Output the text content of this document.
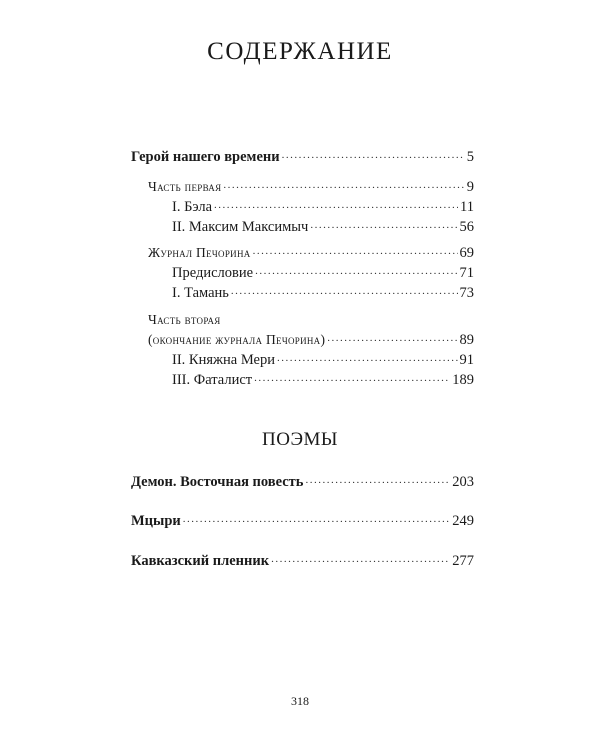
СОДЕРЖАНИЕ
Герой нашего времени .....	5
Часть первая .....	9
I. Бэла .....	11
II. Максим Максимыч .....	56
Журнал Печорина .....	69
Предисловие .....	71
I. Тамань .....	73
Часть вторая
(окончание журнала Печорина) .....	89
II. Княжна Мери .....	91
III. Фаталист .....	189
ПОЭМЫ
Демон. Восточная повесть .....	203
Мцыри .....	249
Кавказский пленник .....	277
318
